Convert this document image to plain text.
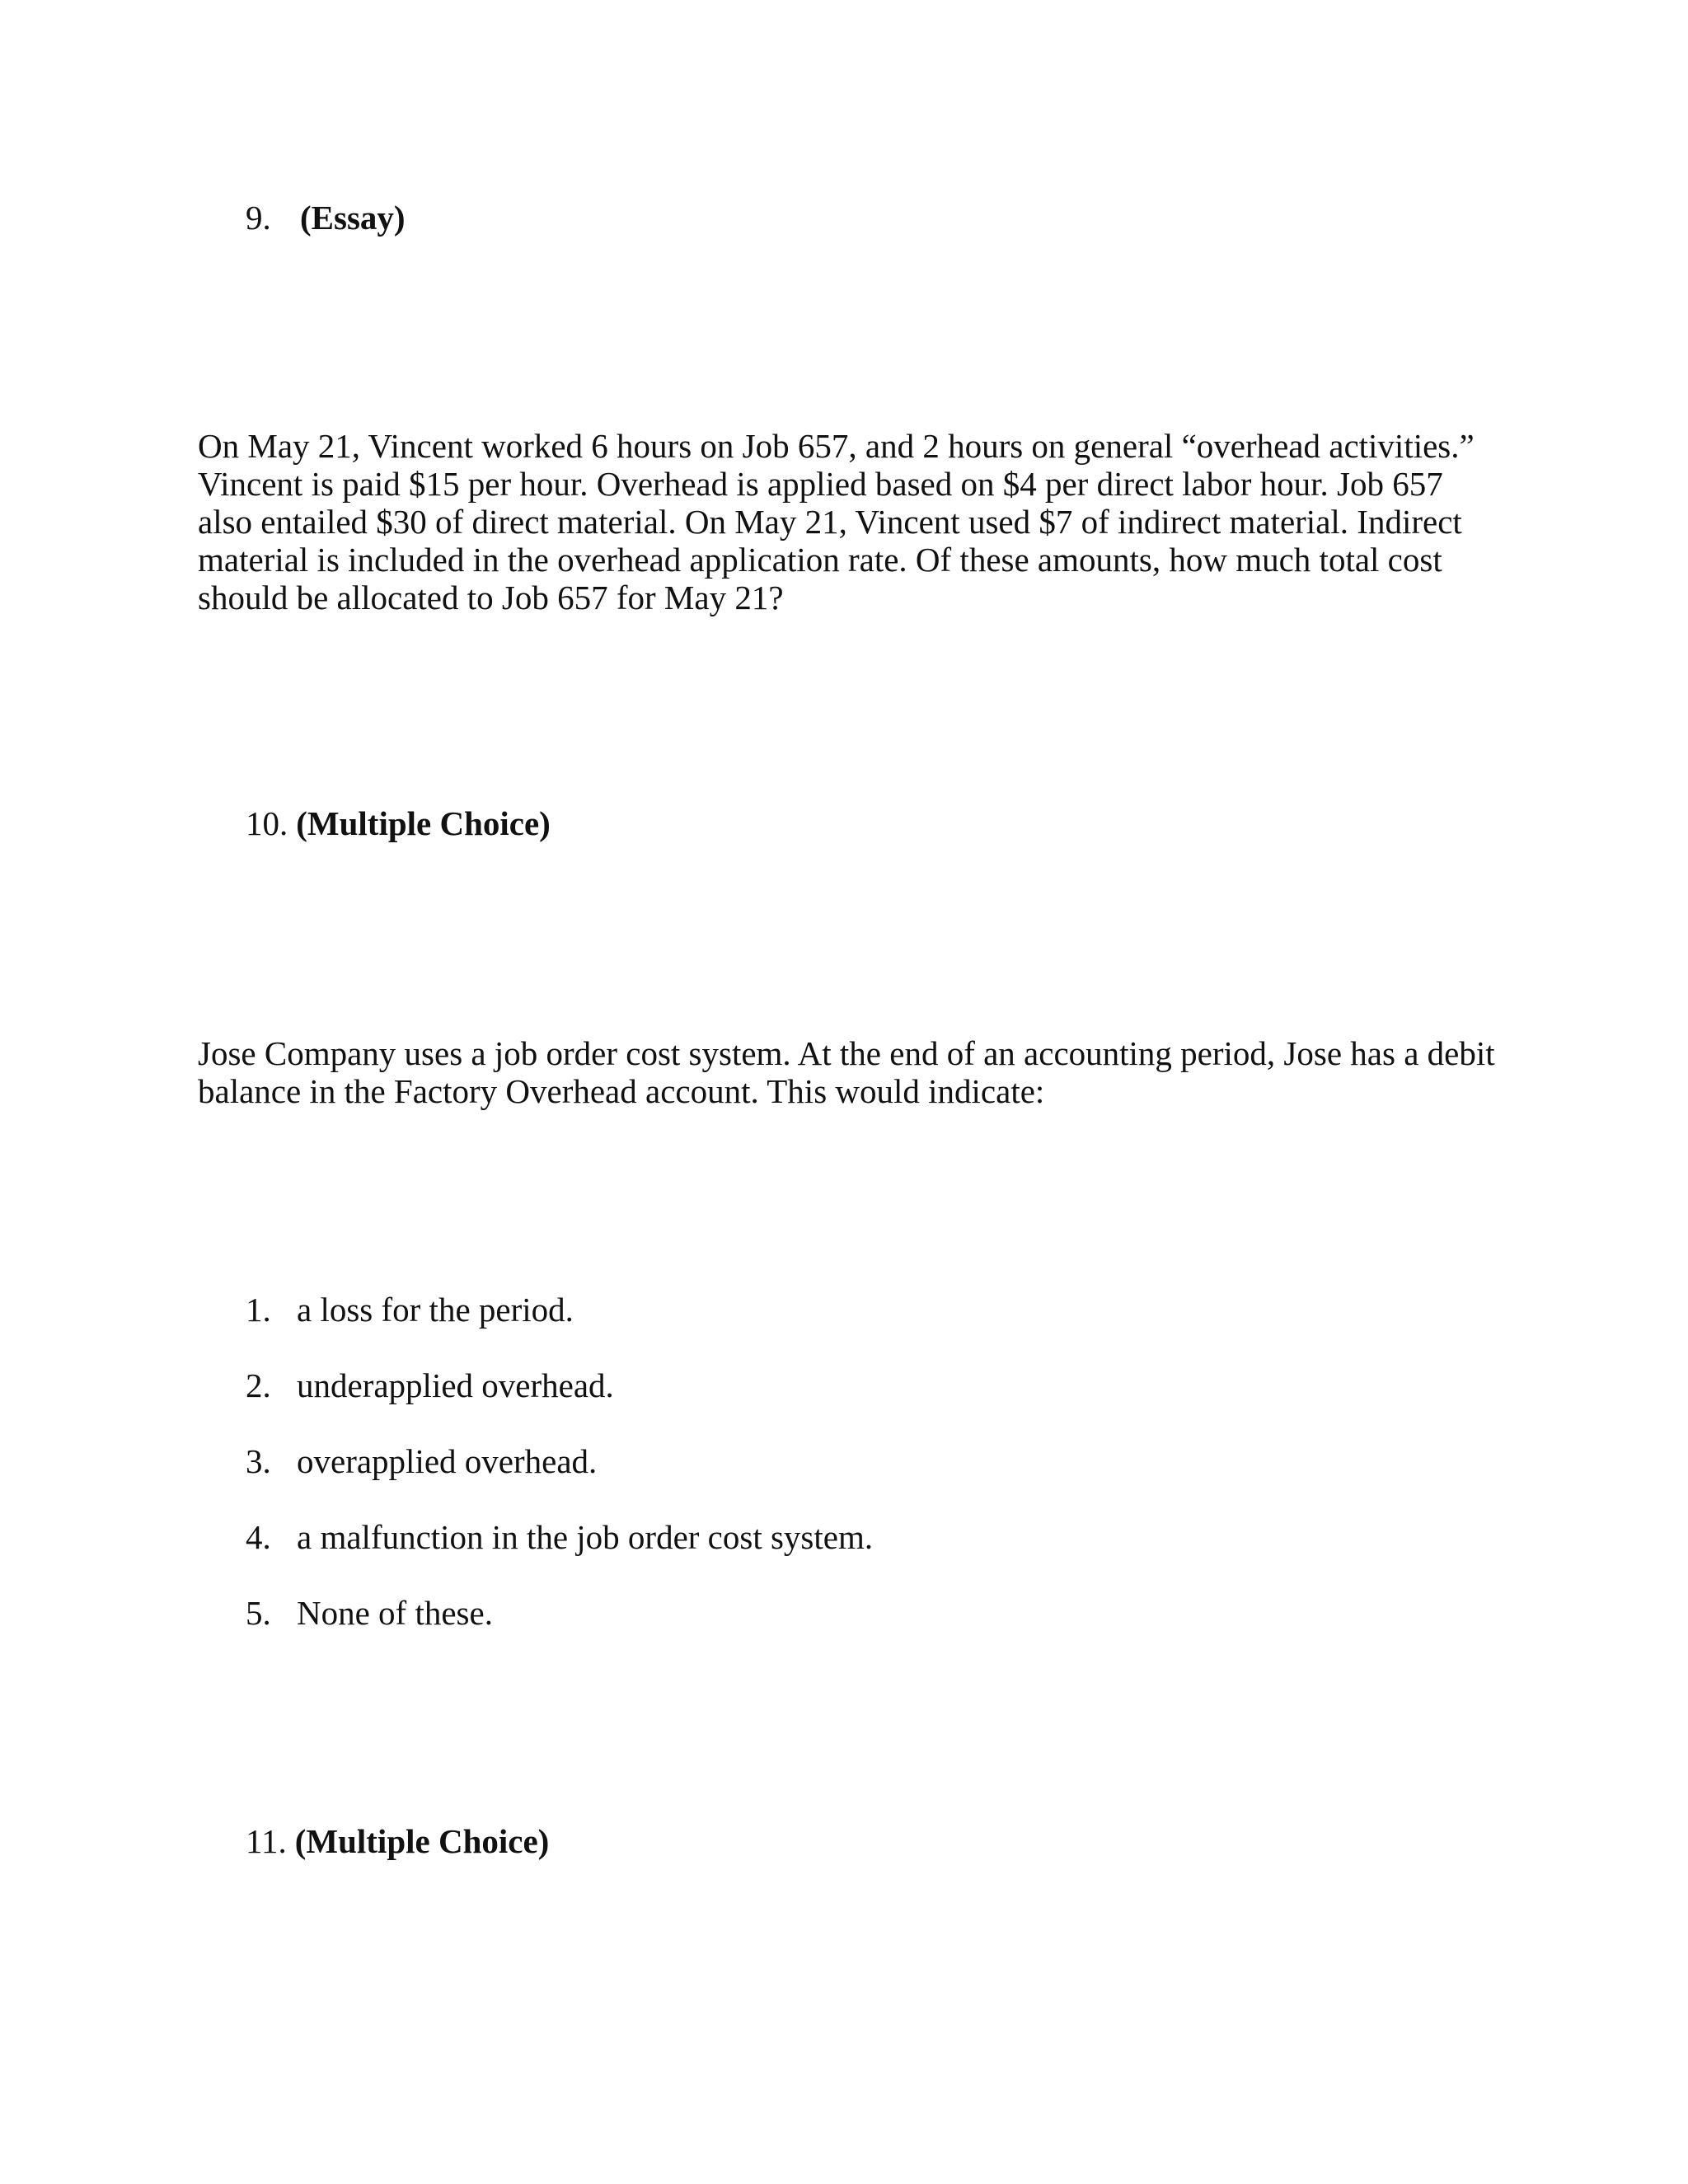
9. (Essay)
On May 21, Vincent worked 6 hours on Job 657, and 2 hours on general “overhead activities.”
Vincent is paid $15 per hour. Overhead is applied based on $4 per direct labor hour. Job 657
also entailed $30 of direct material. On May 21, Vincent used $7 of indirect material. Indirect
material is included in the overhead application rate. Of these amounts, how much total cost
should be allocated to Job 657 for May 21?
10. (Multiple Choice)
Jose Company uses a job order cost system. At the end of an accounting period, Jose has a debit
balance in the Factory Overhead account. This would indicate:
1. a loss for the period.
2. underapplied overhead.
3. overapplied overhead.
4. a malfunction in the job order cost system.
5. None of these.
11. (Multiple Choice)
